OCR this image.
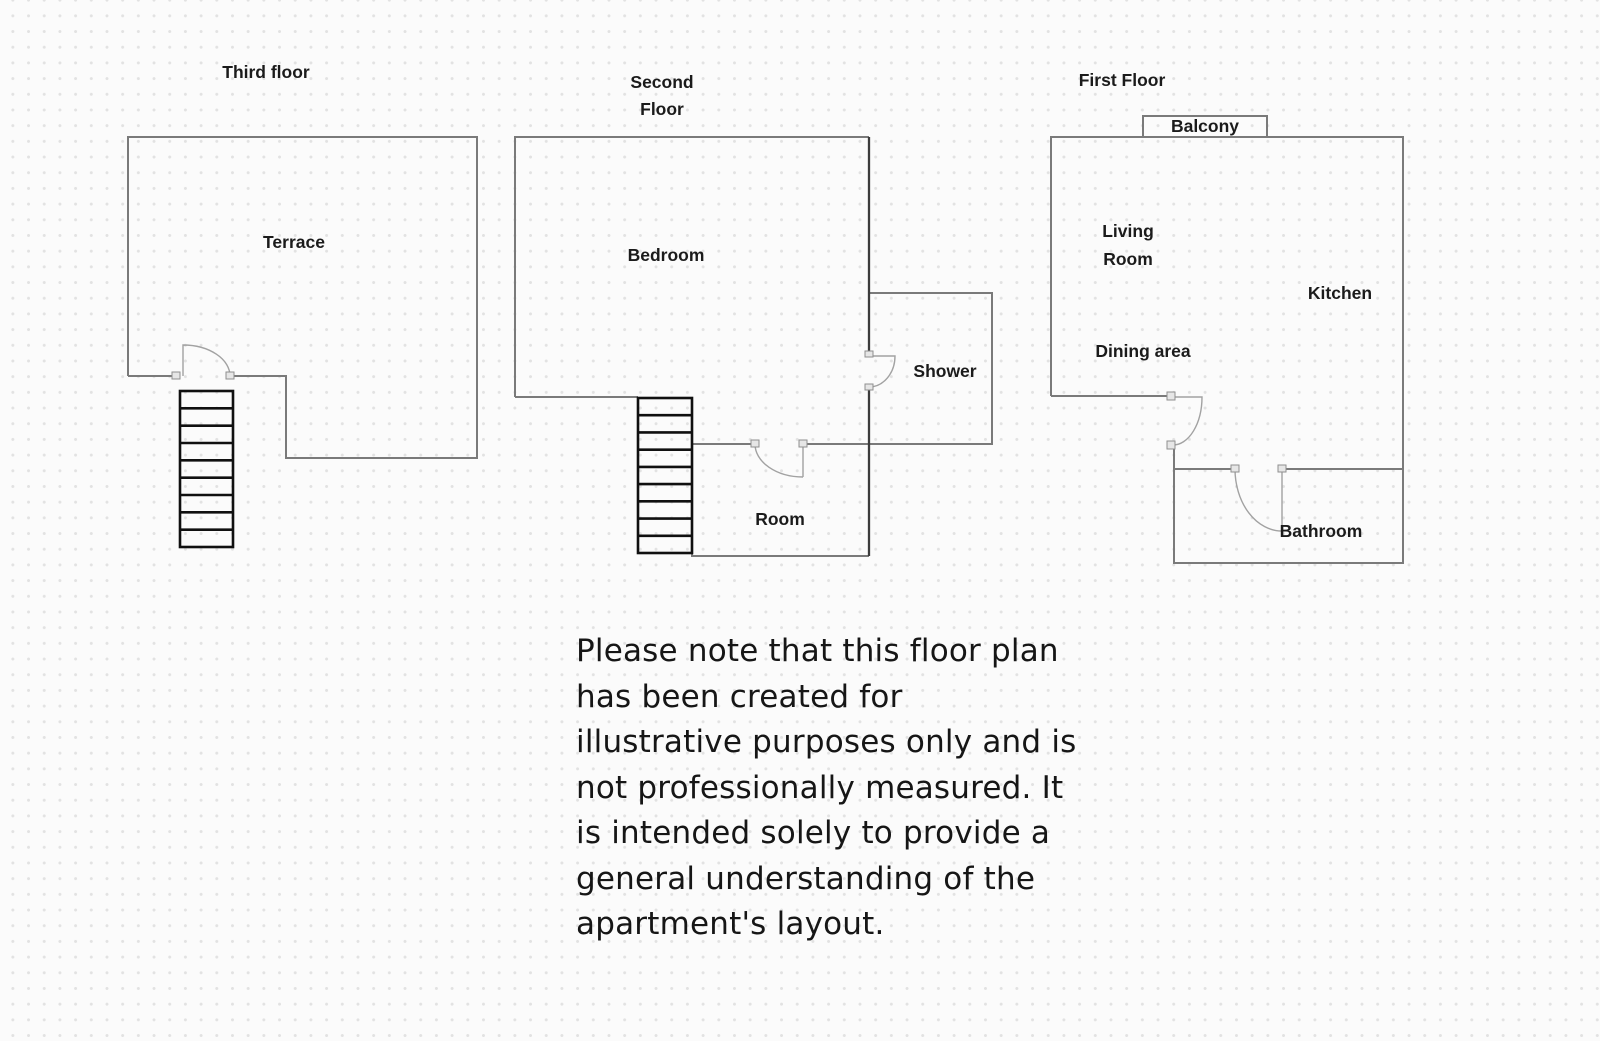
Third floor
Terrace
Second
Floor
Bedroom
Shower
Room
First Floor
Balcony
Living
Room
Kitchen
Dining area
Bathroom
Please note that this floor plan
has been created for
illustrative purposes only and is
not professionally measured. It
is intended solely to provide a
general understanding of the
apartment's layout.
